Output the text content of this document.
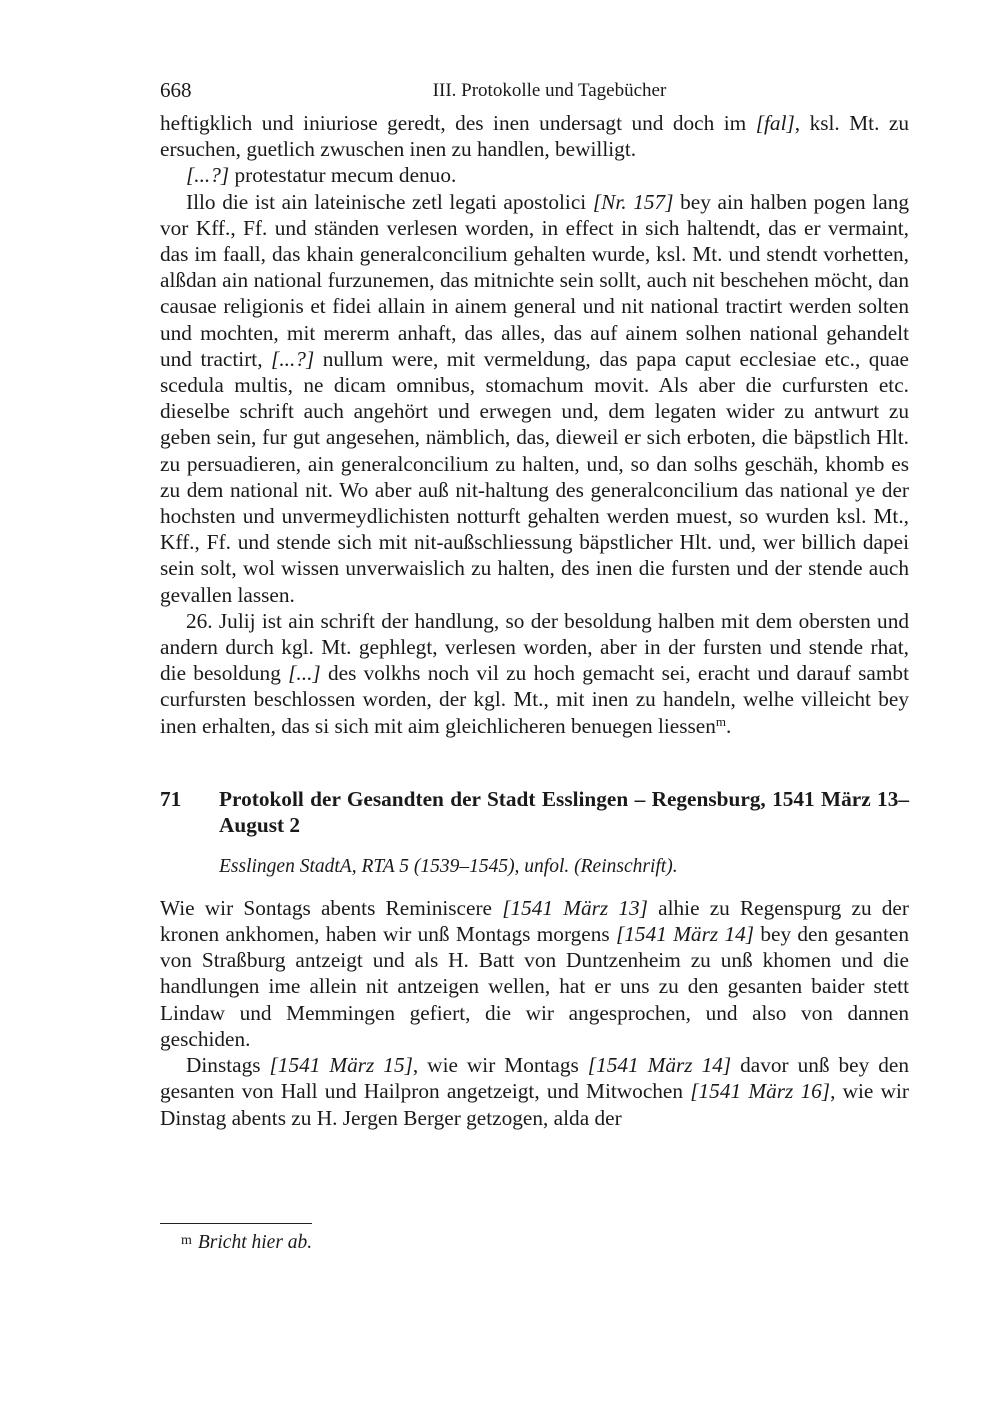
668	III. Protokolle und Tagebücher

heftigklich und iniuriose geredt, des inen undersagt und doch im [fal], ksl. Mt. zu ersuchen, guetlich zwuschen inen zu handlen, bewilligt.

[...?] protestatur mecum denuo.

Illo die ist ain lateinische zetl legati apostolici [Nr. 157] bey ain halben pogen lang vor Kff., Ff. und ständen verlesen worden, in effect in sich haltendt, das er vermaint, das im faall, das khain generalconcilium gehalten wurde, ksl. Mt. und stendt vorhetten, alßdan ain national furzunemen, das mitnichte sein sollt, auch nit beschehen möcht, dan causae religionis et fidei allain in ainem general und nit national tractirt werden solten und mochten, mit mererm anhaft, das alles, das auf ainem solhen national gehandelt und tractirt, [...?] nullum were, mit vermeldung, das papa caput ecclesiae etc., quae scedula multis, ne dicam omnibus, stomachum movit. Als aber die curfursten etc. dieselbe schrift auch angehört und erwegen und, dem legaten wider zu antwurt zu geben sein, fur gut angesehen, nämblich, das, dieweil er sich erboten, die bäpstlich Hlt. zu persuadieren, ain generalconcilium zu halten, und, so dan solhs geschäh, khomb es zu dem national nit. Wo aber auß nit-haltung des generalconcilium das national ye der hochsten und unvermeydlichisten notturft gehalten werden muest, so wurden ksl. Mt., Kff., Ff. und stende sich mit nit-außschliessung bäpstlicher Hlt. und, wer billich dapei sein solt, wol wissen unverwaislich zu halten, des inen die fursten und der stende auch gevallen lassen.

26. Julij ist ain schrift der handlung, so der besoldung halben mit dem obersten und andern durch kgl. Mt. gephlegt, verlesen worden, aber in der fursten und stende rhat, die besoldung [...] des volkhs noch vil zu hoch gemacht sei, eracht und darauf sambt curfursten beschlossen worden, der kgl. Mt., mit inen zu handeln, welhe villeicht bey inen erhalten, das si sich mit aim gleichlicheren benuegen liessen$^m$.

71 Protokoll der Gesandten der Stadt Esslingen – Regensburg, 1541 März 13–August 2
Esslingen StadtA, RTA 5 (1539–1545), unfol. (Reinschrift).

Wie wir Sontags abents Reminiscere [1541 März 13] alhie zu Regenspurg zu der kronen ankhomen, haben wir unß Montags morgens [1541 März 14] bey den gesanten von Straßburg antzeigt und als H. Batt von Duntzenheim zu unß khomen und die handlungen ime allein nit antzeigen wellen, hat er uns zu den gesanten baider stett Lindaw und Memmingen gefiert, die wir angesprochen, und also von dannen geschiden.

Dinstags [1541 März 15], wie wir Montags [1541 März 14] davor unß bey den gesanten von Hall und Hailpron angetzeigt, und Mitwochen [1541 März 16], wie wir Dinstag abents zu H. Jergen Berger getzogen, alda der

$^m$ Bricht hier ab.
